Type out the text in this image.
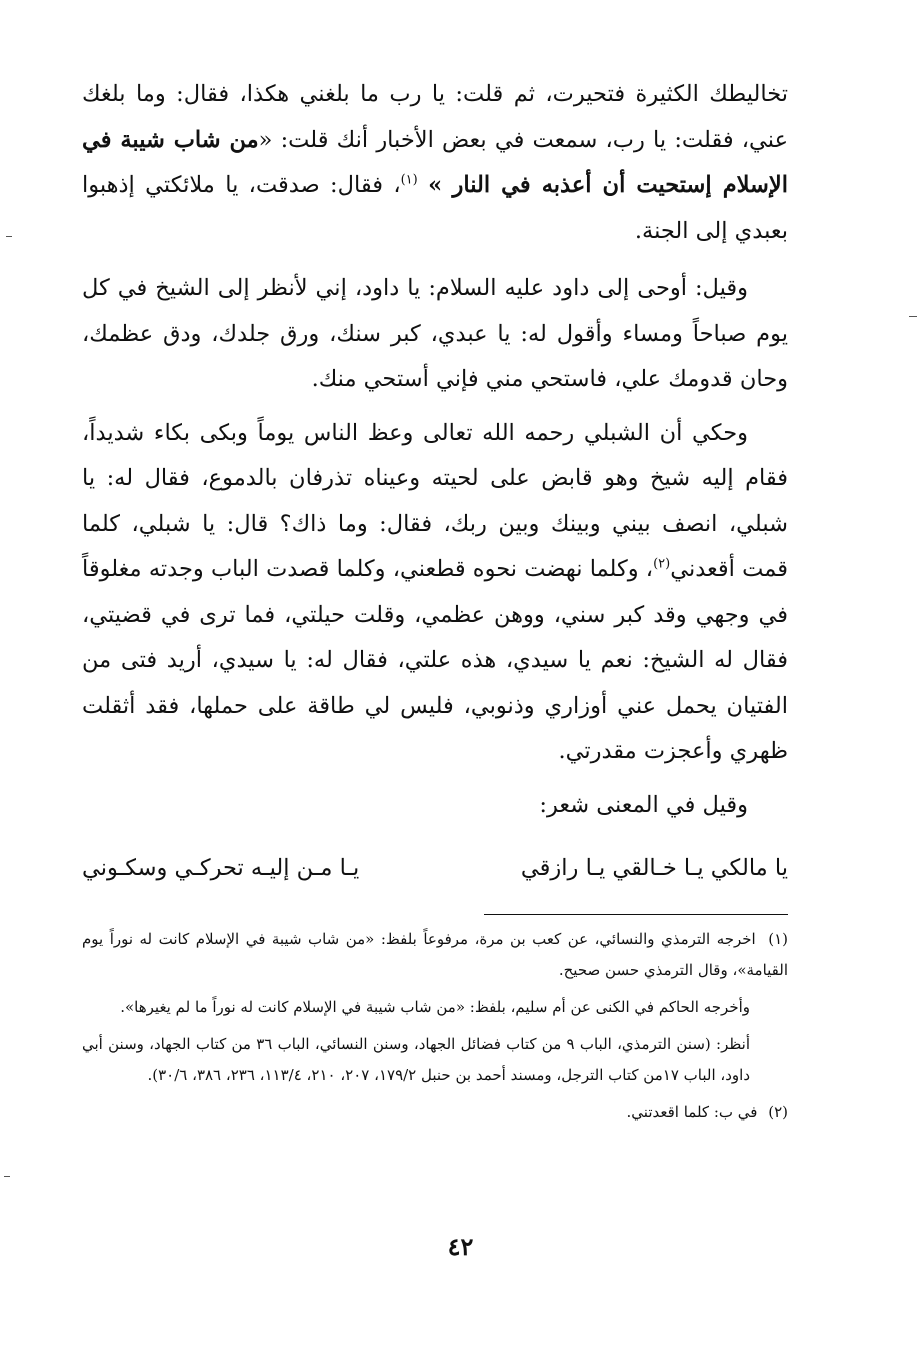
تخاليطك الكثيرة فتحيرت، ثم قلت: يا رب ما بلغني هكذا، فقال: وما بلغك عني، فقلت: يا رب، سمعت في بعض الأخبار أنك قلت: «من شاب شيبة في الإسلام إستحيت أن أعذبه في النار » $^{(١)}$، فقال: صدقت، يا ملائكتي إذهبوا بعبدي إلى الجنة.

وقيل: أوحى إلى داود عليه السلام: يا داود، إني لأنظر إلى الشيخ في كل يوم صباحاً ومساء وأقول له: يا عبدي، كبر سنك، ورق جلدك، ودق عظمك، وحان قدومك علي، فاستحي مني فإني أستحي منك.

وحكي أن الشبلي رحمه الله تعالى وعظ الناس يوماً وبكى بكاء شديداً، فقام إليه شيخ وهو قابض على لحيته وعيناه تذرفان بالدموع، فقال له: يا شبلي، انصف بيني وبينك وبين ربك، فقال: وما ذاك؟ قال: يا شبلي، كلما قمت أقعدني$^{(٢)}$، وكلما نهضت نحوه قطعني، وكلما قصدت الباب وجدته مغلوقاً في وجهي وقد كبر سني، ووهن عظمي، وقلت حيلتي، فما ترى في قضيتي، فقال له الشيخ: نعم يا سيدي، هذه علتي، فقال له: يا سيدي، أريد فتى من الفتيان يحمل عني أوزاري وذنوبي، فليس لي طاقة على حملها، فقد أثقلت ظهري وأعجزت مقدرتي.

وقيل في المعنى شعر:

يا مالكي يـا خـالقي يـا رازقي
يـا مـن إليـه تحركـي وسكـوني

(١) اخرجه الترمذي والنسائي، عن كعب بن مرة، مرفوعاً بلفظ: «من شاب شيبة في الإسلام كانت له نوراً يوم القيامة»، وقال الترمذي حسن صحيح.

وأخرجه الحاكم في الكنى عن أم سليم، بلفظ: «من شاب شيبة في الإسلام كانت له نوراً ما لم يغيرها».

أنظر: (سنن الترمذي، الباب ٩ من كتاب فضائل الجهاد، وسنن النسائي، الباب ٣٦ من كتاب الجهاد، وسنن أبي داود، الباب ١٧من كتاب الترجل، ومسند أحمد بن حنبل ١٧٩/٢، ٢٠٧، ٢١٠، ١١٣/٤، ٢٣٦، ٣٨٦، ٣٠/٦).

(٢) في ب: كلما اقعدتني.

٤٢
